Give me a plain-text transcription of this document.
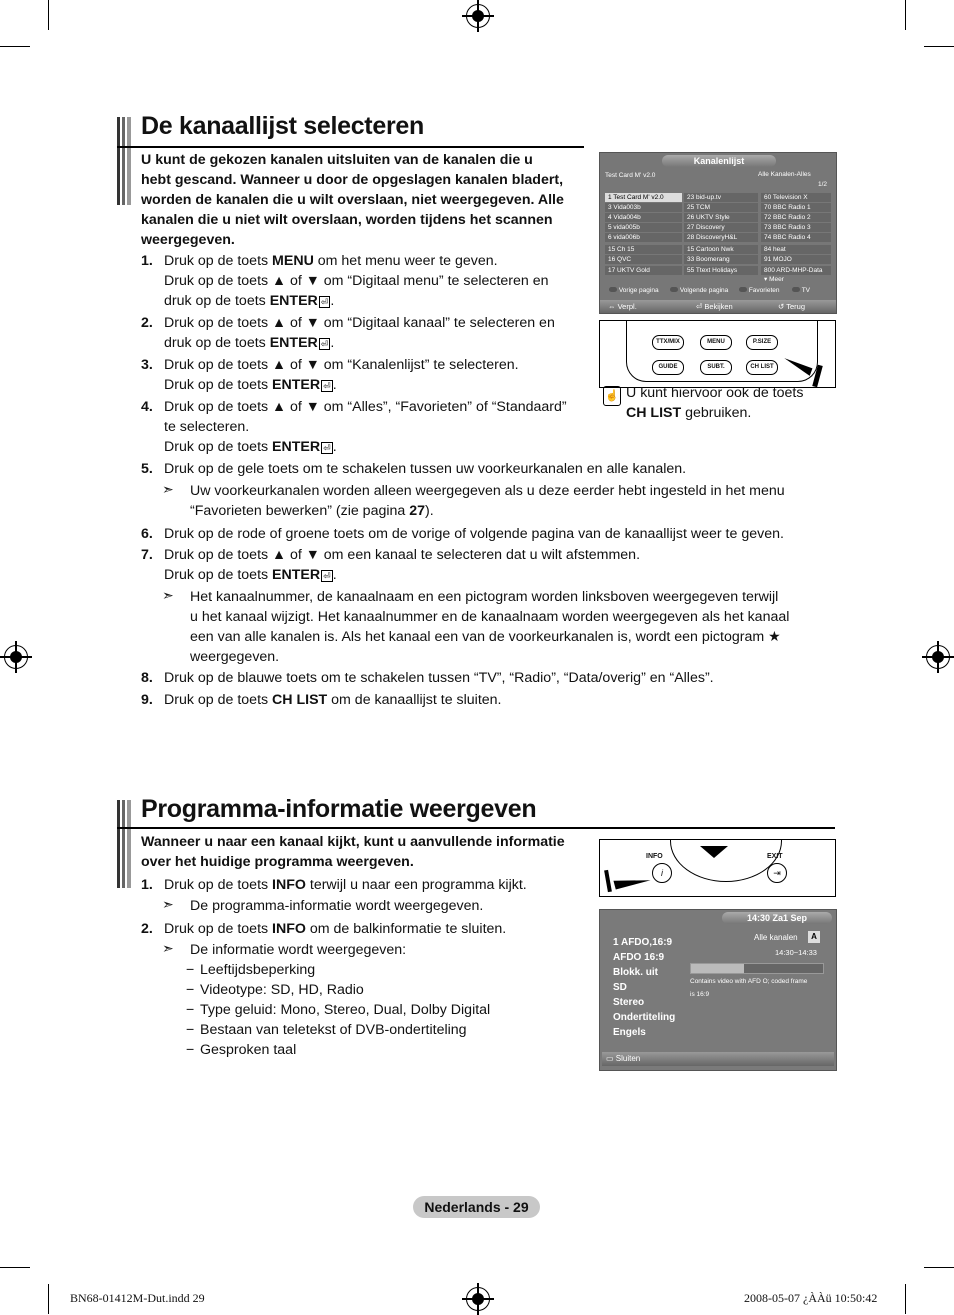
De kanaallijst selecteren
U kunt de gekozen kanalen uitsluiten van de kanalen die u
hebt gescand. Wanneer u door de opgeslagen kanalen bladert,
worden de kanalen die u wilt overslaan, niet weergegeven. Alle
kanalen die u niet wilt overslaan, worden tijdens het scannen
weergegeven.
1. Druk op de toets MENU om het menu weer te geven.
Druk op de toets ▲ of ▼ om “Digitaal menu” te selecteren en
druk op de toets ENTER ⏎ .
2. Druk op de toets ▲ of ▼ om “Digitaal kanaal” te selecteren en
druk op de toets ENTER ⏎ .
3. Druk op de toets ▲ of ▼ om “Kanalenlijst” te selecteren.
Druk op de toets ENTER ⏎ .
4. Druk op de toets ▲ of ▼ om “Alles”, “Favorieten” of “Standaard”
te selecteren.
Druk op de toets ENTER ⏎ .
5. Druk op de gele toets om te schakelen tussen uw voorkeurkanalen en alle kanalen.
➣ Uw voorkeurkanalen worden alleen weergegeven als u deze eerder hebt ingesteld in het menu
“Favorieten bewerken” (zie pagina 27).
6. Druk op de rode of groene toets om de vorige of volgende pagina van de kanaallijst weer te geven.
7. Druk op de toets ▲ of ▼ om een kanaal te selecteren dat u wilt afstemmen.
Druk op de toets ENTER ⏎ .
➣ Het kanaalnummer, de kanaalnaam en een pictogram worden linksboven weergegeven terwijl
u het kanaal wijzigt. Het kanaalnummer en de kanaalnaam worden weergegeven als het kanaal
een van alle kanalen is. Als het kanaal een van de voorkeurkanalen is, wordt een pictogram ★
weergegeven.
8. Druk op de blauwe toets om te schakelen tussen “TV”, “Radio”, “Data/overig” en “Alles”.
9. Druk op de toets CH LIST om de kanaallijst te sluiten.
Kanalenlijst
Test Card M' v2.0	Alle Kanalen-Alles
1/2
1 Test Card M' v2.0
3 Vida003b
4 Vida004b
5 vida005b
6 vida006b
15 Ch 15
16 QVC
17 UKTV Gold
23 bid-up.tv
25 TCM
26 UKTV Style
27 Discovery
28 DiscoveryH&L
15 Cartoon Nwk
33 Boomerang
55 Ttext Holidays
60 Television X
70 BBC Radio 1
72 BBC Radio 2
73 BBC Radio 3
74 BBC Radio 4
84 heat
91 MOJO
800 ARD-MHP-Data
▾ Meer
Vorige pagina	Volgende pagina	Favorieten	TV
⇔ Verpl.	⏎ Bekijken	↺ Terug
TTX/MIX	MENU	P.SIZE
GUIDE	SUBT.	CH LIST
☝ U kunt hiervoor ook de toets
CH LIST gebruiken.
Programma-informatie weergeven
Wanneer u naar een kanaal kijkt, kunt u aanvullende informatie
over het huidige programma weergeven.
1. Druk op de toets INFO terwijl u naar een programma kijkt.
➣ De programma-informatie wordt weergegeven.
2. Druk op de toets INFO om de balkinformatie te sluiten.
➣ De informatie wordt weergegeven:
− Leeftijdsbeperking
− Videotype: SD, HD, Radio
− Type geluid: Mono, Stereo, Dual, Dolby Digital
− Bestaan van teletekst of DVB-ondertiteling
− Gesproken taal
INFO
i
EXIT
⇥
14:30 Za1 Sep
1 AFDO,16:9
AFDO 16:9
Blokk. uit
SD
Stereo
Ondertiteling
Engels
Alle kanalen	A
14:30~14:33
Contains video with AFD O; coded frame
is 16:9
▭ Sluiten
Nederlands - 29
BN68-01412M-Dut.indd 29	2008-05-07 ¿ÀÀü 10:50:42
